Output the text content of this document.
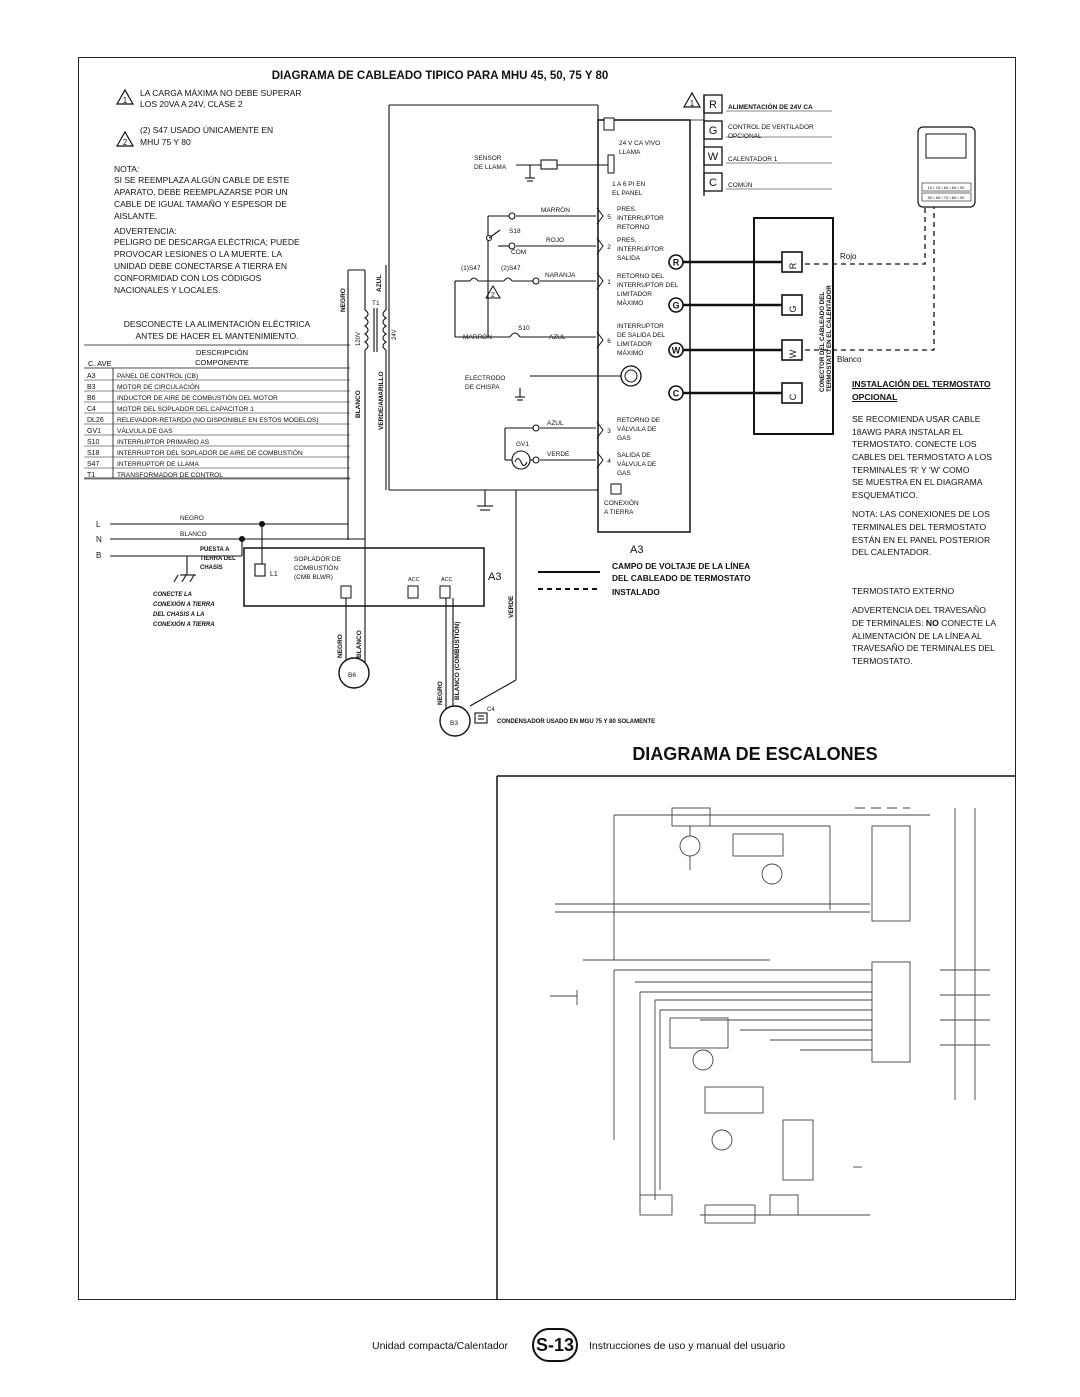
DIAGRAMA DE CABLEADO TIPICO PARA MHU 45, 50, 75 Y 80
1
LA CARGA MÁXIMA NO DEBE SUPERAR
LOS 20VA A 24V, CLASE 2
2
(2) S47 USADO ÚNICAMENTE EN
MHU 75 Y 80
NOTA:
SI SE REEMPLAZA ALGÚN CABLE DE ESTE
APARATO, DEBE REEMPLAZARSE POR UN
CABLE DE IGUAL TAMAÑO Y ESPESOR DE
AISLANTE.
ADVERTENCIA:
PELIGRO DE DESCARGA ELÉCTRICA; PUEDE
PROVOCAR LESIONES O LA MUERTE. LA
UNIDAD DEBE CONECTARSE A TIERRA EN
CONFORMIDAD CON LOS CÓDIGOS
NACIONALES Y LOCALES.
DESCONECTE LA ALIMENTACIÓN ELÉCTRICA
ANTES DE HACER EL MANTENIMIENTO.
A3	PANEL DE CONTROL (CB)
B3	MOTOR DE CIRCULACIÓN
B6	INDUCTOR DE AIRE DE COMBUSTIÓN DEL MOTOR
C4	MOTOR DEL SOPLADOR DEL CAPACITOR 1
DL26 RELEVADOR-RETARDO (NO DISPONIBLE EN ESTOS MODELOS)
GV1 VÁLVULA DE GAS
S10	INTERRUPTOR PRIMARIO AS
S18	INTERRUPTOR DEL SOPLADOR DE AIRE DE COMBUSTIÓN
S47	INTERRUPTOR DE LLAMA
T1	TRANSFORMADOR DE CONTROL
C. AVE
DESCRIPCIÓN
COMPONENTE
1 R ALIMENTACIÓN DE 24V CA
G CONTROL DE VENTILADOR
OPCIONAL
W CALENTADOR 1
C COMÚN
24 V CA VIVO
LLAMA
1 A 6 PI EN
EL PANEL
5
2
1
6
3
4
PRES.
INTERRUPTOR
RETORNO
PRES.
INTERRUPTOR
SALIDA
RETORNO DEL
INTERRUPTOR DEL
LIMITADOR
MÁXIMO
INTERRUPTOR
DE SALIDA DEL
LIMITADOR
MÁXIMO
RETORNO DE
VÁLVULA DE
GAS
SALIDA DE
VÁLVULA DE
GAS
CONEXIÓN
A TIERRA
A3
R
G
W
C
SENSOR
DE LLAMA
MARRÓN
S18
ROJO
COM
(1)S47	(2)S47
NARANJA
2
S10
MARRÓN	AZUL
ELECTRODO
DE CHISPA
AZUL
GV1
VERDE
NEGRO
AZUL
T1
120V	24V
BLANCO VERDE/AMARILLO
L
N
B
NEGRO
BLANCO
PUESTA A
TIERRA DEL
CHASIS
CONECTE LA
CONEXIÓN A TIERRA
DEL CHASIS A LA
CONEXIÓN A TIERRA
L1
SOPLADOR DE
COMBUSTIÓN
(CMB BLWR)	ACC	ACC	A3
NEGRO BLANCO
B6
NEGRO	BLANCO (COMBUSTIÓN)
VERDE
B3
C4
CONDENSADOR USADO EN MGU 75 Y 80 SOLAMENTE
CAMPO DE VOLTAJE DE LA LÍNEA
DEL CABLEADO DE TERMOSTATO
INSTALADO
R
G
W
C
CONECTOR DEL CABLEADO DEL TERMOSTATO EN EL CALENTADOR
Rojo
Blanco
10 • 15 • 60 • 65 • 90
50 • 65 • 70 • 85 • 90
DIAGRAMA DE ESCALONES
INSTALACIÓN DEL TERMOSTATO
OPCIONAL
SE RECOMIENDA USAR CABLE
18AWG PARA INSTALAR EL
TERMOSTATO. CONECTE LOS
CABLES DEL TERMOSTATO A LOS
TERMINALES 'R' Y 'W' COMO
SE MUESTRA EN EL DIAGRAMA
ESQUEMÁTICO.
NOTA: LAS CONEXIONES DE LOS
TERMINALES DEL TERMOSTATO
ESTÁN EN EL PANEL POSTERIOR
DEL CALENTADOR.
TERMOSTATO EXTERNO
ADVERTENCIA DEL TRAVESAÑO
DE TERMINALES: NO CONECTE LA
ALIMENTACIÓN DE LA LÍNEA AL
TRAVESAÑO DE TERMINALES DEL
TERMOSTATO.
Unidad compacta/Calentador S-13	Instrucciones de uso y manual del usuario
